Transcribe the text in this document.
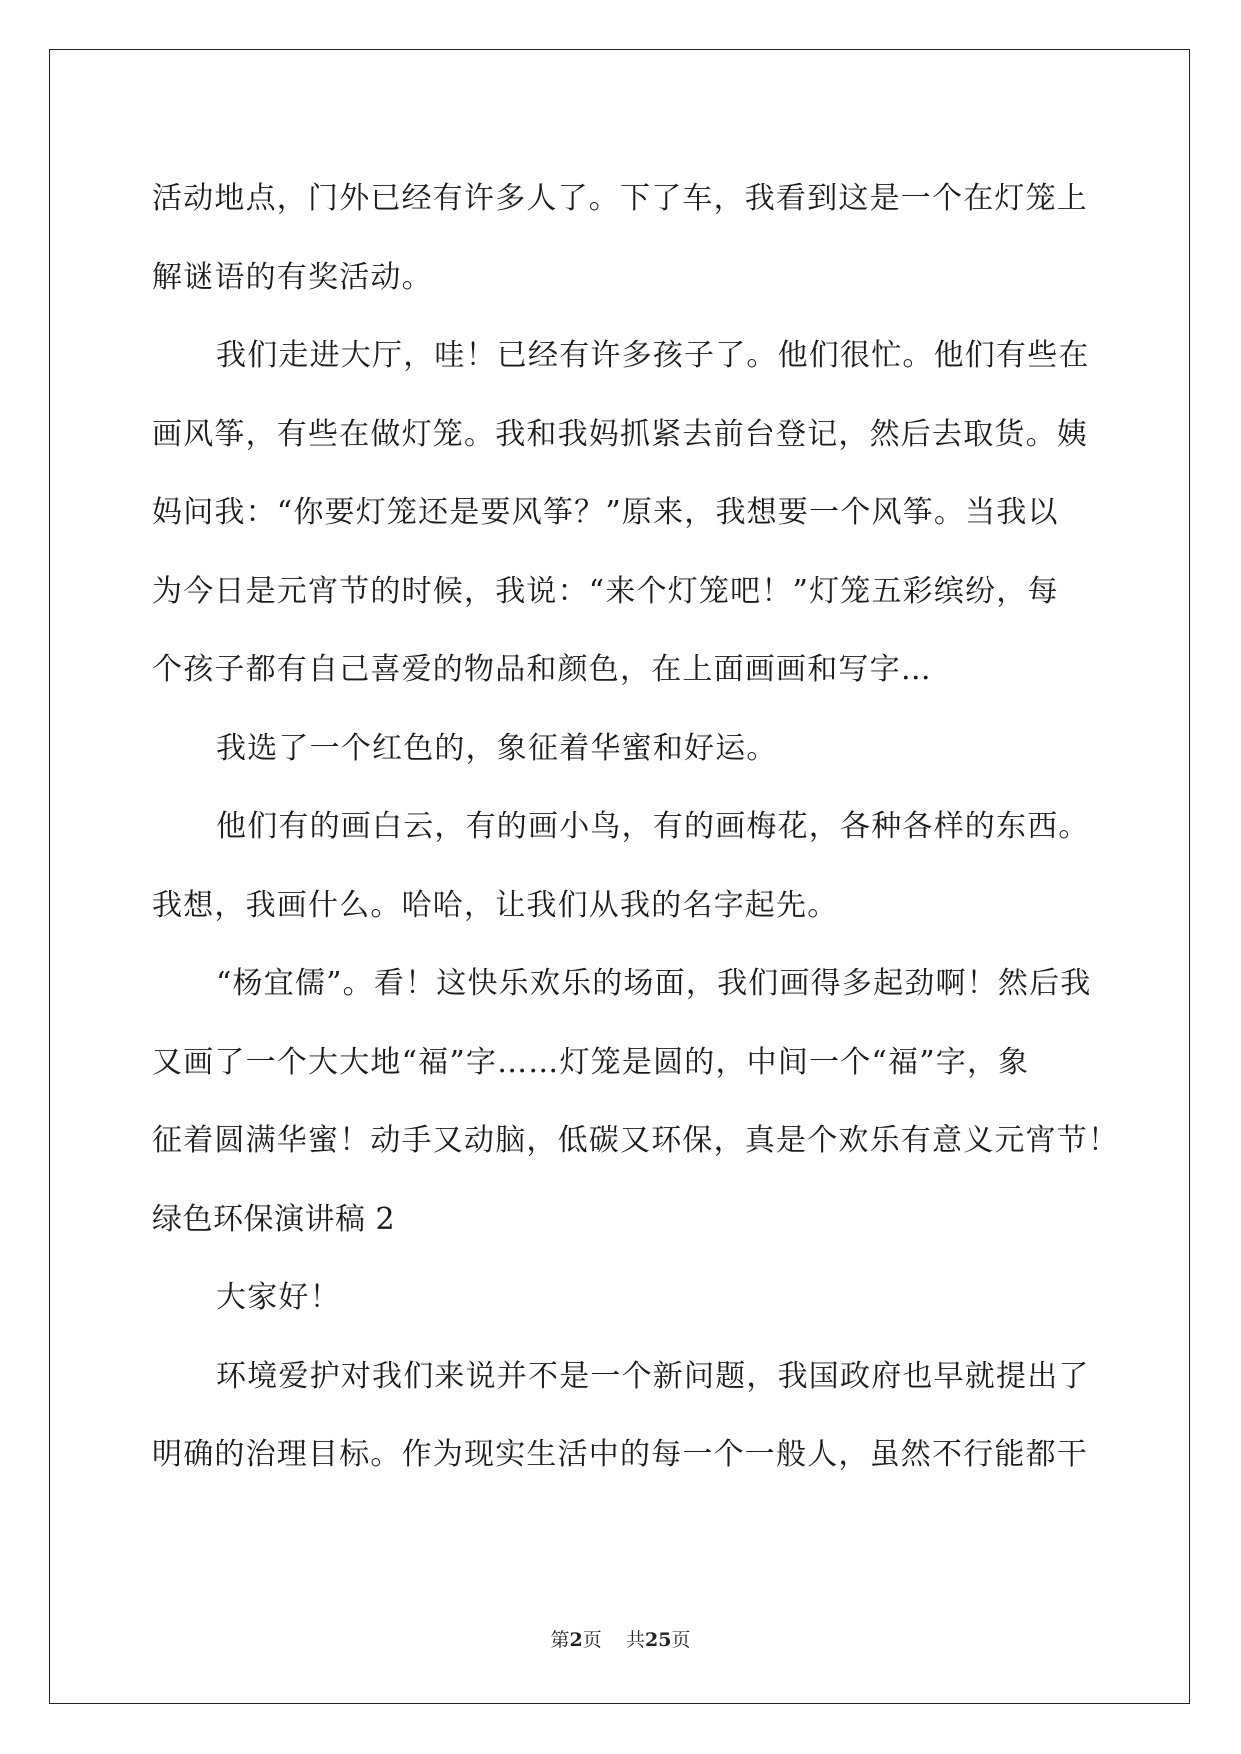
活动地点，门外已经有许多人了。下了车，我看到这是一个在灯笼上
解谜语的有奖活动。
我们走进大厅，哇！已经有许多孩子了。他们很忙。他们有些在
画风筝，有些在做灯笼。我和我妈抓紧去前台登记，然后去取货。姨
妈问我：“你要灯笼还是要风筝？”原来，我想要一个风筝。当我以
为今日是元宵节的时候，我说：“来个灯笼吧！”灯笼五彩缤纷，每
个孩子都有自己喜爱的物品和颜色，在上面画画和写字…
我选了一个红色的，象征着华蜜和好运。
他们有的画白云，有的画小鸟，有的画梅花，各种各样的东西。
我想，我画什么。哈哈，让我们从我的名字起先。
“杨宜儒”。看！这快乐欢乐的场面，我们画得多起劲啊！然后我
又画了一个大大地“福”字……灯笼是圆的，中间一个“福”字，象
征着圆满华蜜！动手又动脑，低碳又环保，真是个欢乐有意义元宵节！
绿色环保演讲稿 2
大家好！
环境爱护对我们来说并不是一个新问题，我国政府也早就提出了
明确的治理目标。作为现实生活中的每一个一般人，虽然不行能都干
第2页 共25页
